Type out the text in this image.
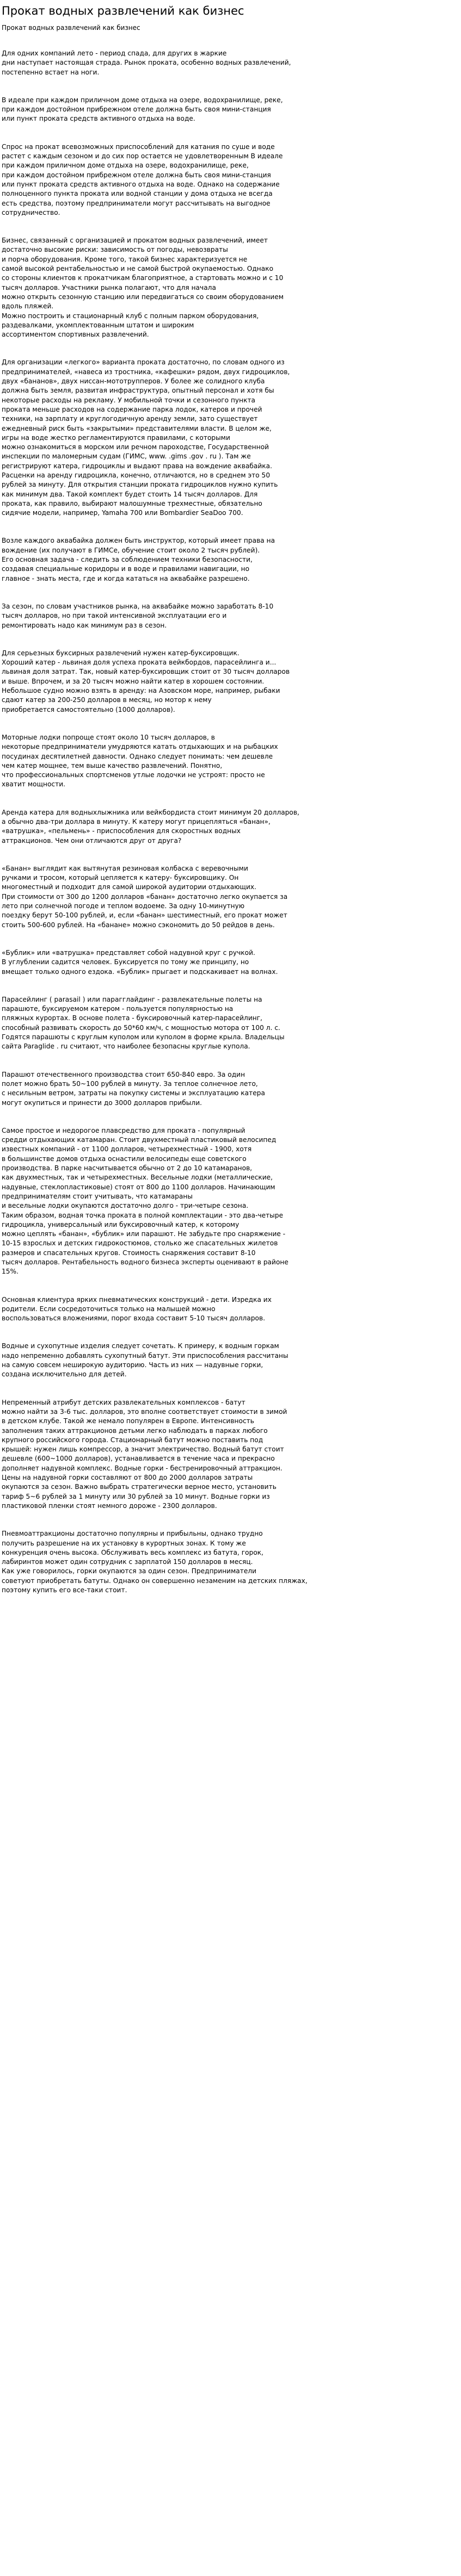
Прокат водных развлечений как бизнес
Прокат водных развлечений как бизнес

Для одних компаний лето - период спада, для других в жаркие
дни наступает настоящая страда. Рынок проката, особенно водных развлечений,
постепенно встает на ноги.

В идеале при каждом приличном доме отдыха на озере, водохранилище, реке,
при каждом достойном прибрежном отеле должна быть своя мини-станция
или пункт проката средств активного отдыха на воде.

Спрос на прокат всевозможных приспособлений для катания по суше и воде
растет с каждым сезоном и до сих пор остается не удовлетворенным В идеале
при каждом приличном доме отдыха на озере, водохранилище, реке,
при каждом достойном прибрежном отеле должна быть своя мини-станция
или пункт проката средств активного отдыха на воде. Однако на содержание
полноценного пункта проката или водной станции у дома отдыха не всегда
есть средства, поэтому предприниматели могут рассчитывать на выгодное
сотрудничество.

Бизнес, связанный с организацией и прокатом водных развлечений, имеет
достаточно высокие риски: зависимость от погоды, невозвраты
и порча оборудования. Кроме того, такой бизнес характеризуется не
самой высокой рентабельностью и не самой быстрой окупаемостью. Однако
со стороны клиентов к прокатчикам благоприятное, а стартовать можно и с 10
тысяч долларов. Участники рынка полагают, что для начала
можно открыть сезонную станцию или передвигаться со своим оборудованием
вдоль пляжей.
Можно построить и стационарный клуб с полным парком оборудования,
раздевалками, укомплектованным штатом и широким
ассортиментом спортивных развлечений.

Для организации «легкого» варианта проката достаточно, по словам одного из
предпринимателей, «навеса из тростника, «кафешки» рядом, двух гидроциклов,
двух «бананов», двух ниссан-мототрупперов. У более же солидного клуба
должна быть земля, развитая инфраструктура, опытный персонал и хотя бы
некоторые расходы на рекламу. У мобильной точки и сезонного пункта
проката меньше расходов на содержание парка лодок, катеров и прочей
техники, на зарплату и круглогодичную аренду земли, зато существует
ежедневный риск быть «закрытыми» представителями власти. В целом же,
игры на воде жестко регламентируются правилами, с которыми
можно ознакомиться в морском или речном пароходстве, Государственной
инспекции по маломерным судам (ГИМС, www. .gims .gov . ru ). Там же
регистрируют катера, гидроциклы и выдают права на вождение аквабайка.
Расценки на аренду гидроцикла, конечно, отличаются, но в среднем это 50
рублей за минуту. Для открытия станции проката гидроциклов нужно купить
как минимум два. Такой комплект будет стоить 14 тысяч долларов. Для
проката, как правило, выбирают малошумные трехместные, обязательно
сидячие модели, например, Yamaha 700 или Bombardier SeaDoo 700.

Возле каждого аквабайка должен быть инструктор, который имеет права на
вождение (их получают в ГИМСе, обучение стоит около 2 тысяч рублей).
Его основная задача - следить за соблюдением техники безопасности,
создавая специальные коридоры и в воде и правилами навигации, но
главное - знать места, где и когда кататься на аквабайке разрешено.

За сезон, по словам участников рынка, на аквабайке можно заработать 8-10
тысяч долларов, но при такой интенсивной эксплуатации его и
ремонтировать надо как минимум раз в сезон.

Для серьезных буксирных развлечений нужен катер-буксировщик.
Хороший катер - львиная доля успеха проката вейкбордов, парасейлинга и...
львиная доля затрат. Так, новый катер-буксировщик стоит от 30 тысяч долларов
и выше. Впрочем, и за 20 тысяч можно найти катер в хорошем состоянии.
Небольшое судно можно взять в аренду: на Азовском море, например, рыбаки
сдают катер за 200-250 долларов в месяц, но мотор к нему
приобретается самостоятельно (1000 долларов).

Моторные лодки попроще стоят около 10 тысяч долларов, в
некоторые предприниматели умудряются катать отдыхающих и на рыбацких
посудинах десятилетней давности. Однако следует понимать: чем дешевле
чем катер мощнее, тем выше качество развлечений. Понятно,
что профессиональных спортсменов утлые лодочки не устроят: просто не
хватит мощности.

Аренда катера для водныхлыжника или вейкбордиста стоит минимум 20 долларов,
а обычно два-три доллара в минуту. К катеру могут прицепляться «банан»,
«ватрушка», «пельмень» - приспособления для скоростных водных
аттракционов. Чем они отличаются друг от друга?

«Банан» выглядит как вытянутая резиновая колбаска с веревочными
ручками и тросом, который цепляется к катеру- буксировщику. Он
многоместный и подходит для самой широкой аудитории отдыхающих.
При стоимости от 300 до 1200 долларов «банан» достаточно легко окупается за
лето при солнечной погоде и теплом водоеме. За одну 10-минутную
поездку берут 50-100 рублей, и, если «банан» шестиместный, его прокат может
стоить 500-600 рублей. На «банане» можно сэкономить до 50 рейдов в день.

«Бублик» или «ватрушка» представляет собой надувной круг с ручкой.
В углублении садится человек. Буксируется по тому же принципу, но
вмещает только одного ездока. «Бублик» прыгает и подскакивает на волнах.

Парасейлинг ( parasail ) или парагглайдинг - развлекательные полеты на
парашюте, буксируемом катером - пользуется популярностью на
пляжных курортах. В основе полета - буксировочный катер-парасейлинг,
способный развивать скорость до 50*60 км/ч, с мощностью мотора от 100 л. с.
Годятся парашюты с круглым куполом или куполом в форме крыла. Владельцы
сайта Paraglide . ru считают, что наиболее безопасны круглые купола.

Парашют отечественного производства стоит 650-840 евро. За один
полет можно брать 50~100 рублей в минуту. За теплое солнечное лето,
с несильным ветром, затраты на покупку системы и эксплуатацию катера
могут окупиться и принести до 3000 долларов прибыли.

Самое простое и недорогое плавсредство для проката - популярный
средди отдыхающих катамаран. Стоит двухместный пластиковый велосипед
известных компаний - от 1100 долларов, четырехместный - 1900, хотя
в большинстве домов отдыха оснастили велосипеды еще советского
производства. В парке насчитывается обычно от 2 до 10 катамаранов,
как двухместных, так и четырехместных. Весельные лодки (металлические,
надувные, стеклопластиковые) стоят от 800 до 1100 долларов. Начинающим
предпринимателям стоит учитывать, что катамараны
и весельные лодки окупаются достаточно долго - три-четыре сезона.
Таким образом, водная точка проката в полной комплектации - это два-четыре
гидроцикла, универсальный или буксировочный катер, к которому
можно цеплять «банан», «бублик» или парашют. Не забудьте про снаряжение -
10-15 взрослых и детских гидрокостюмов, столько же спасательных жилетов
размеров и спасательных кругов. Стоимость снаряжения составит 8-10
тысяч долларов. Рентабельность водного бизнеса эксперты оценивают в районе
15%.

Основная клиентура ярких пневматических конструкций - дети. Изредка их
родители. Если сосредоточиться только на малышей можно
воспользоваться вложениями, порог входа составит 5-10 тысяч долларов.

Водные и сухопутные изделия следует сочетать. К примеру, к водным горкам
надо непременно добавлять сухопутный батут. Эти приспособления рассчитаны
на самую совсем неширокую аудиторию. Часть из них — надувные горки,
создана исключительно для детей.

Непременный атрибут детских развлекательных комплексов - батут
можно найти за 3-6 тыс. долларов, это вполне соответствует стоимости в зимой
в детском клубе. Такой же немало популярен в Европе. Интенсивность
заполнения таких аттракционов детьми легко наблюдать в парках любого
крупного российского города. Стационарный батут можно поставить под
крышей: нужен лишь компрессор, а значит электричество. Водный батут стоит
дешевле (600~1000 долларов), устанавливается в течение часа и прекрасно
дополняет надувной комплекс. Водные горки - бестренировочный аттракцион.
Цены на надувной горки составляют от 800 до 2000 долларов затраты
окупаются за сезон. Важно выбрать стратегически верное место, установить
тариф 5~6 рублей за 1 минуту или 30 рублей за 10 минут. Водные горки из
пластиковой пленки стоят немного дороже - 2300 долларов.

Пневмоаттракционы достаточно популярны и прибыльны, однако трудно
получить разрешение на их установку в курортных зонах. К тому же
конкуренция очень высока. Обслуживать весь комплекс из батута, горок,
лабиринтов может один сотрудник с зарплатой 150 долларов в месяц.
Как уже говорилось, горки окупаются за один сезон. Предприниматели
советуют приобретать батуты. Однако он совершенно незаменим на детских пляжах,
поэтому купить его все-таки стоит.
